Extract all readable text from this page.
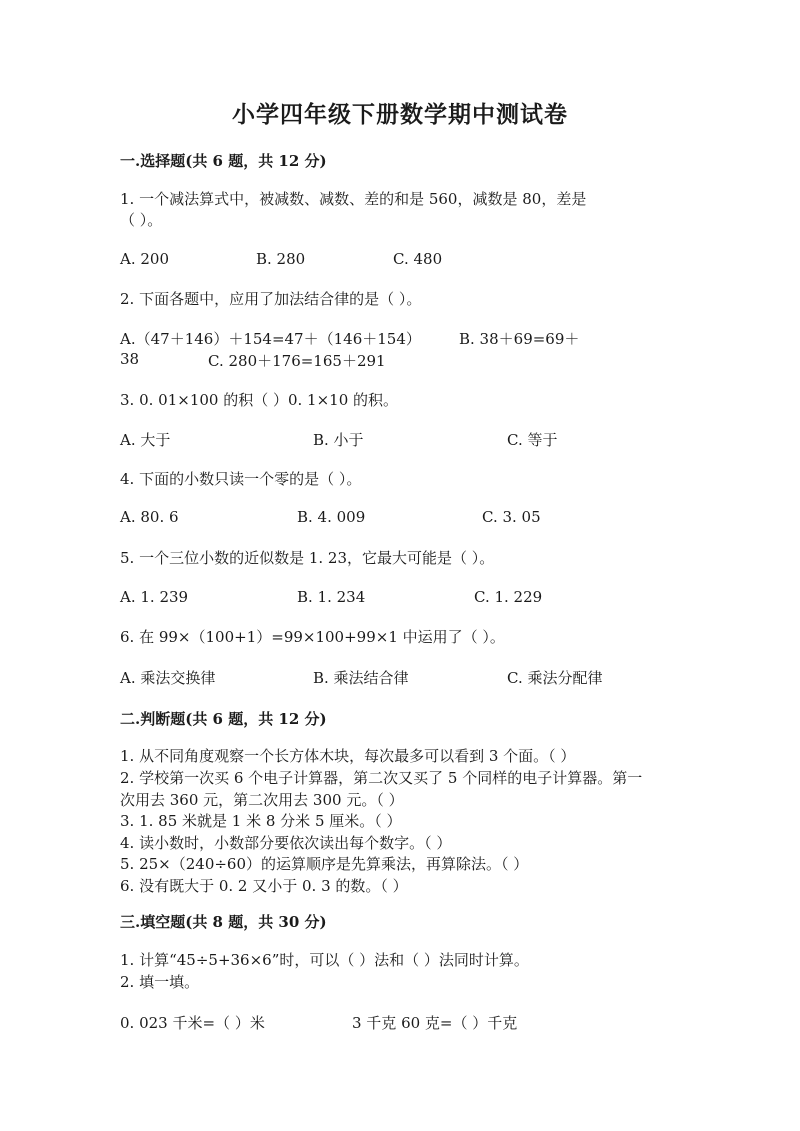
小学四年级下册数学期中测试卷
一.选择题(共 6 题，共 12 分)
1. 一个减法算式中，被减数、减数、差的和是 560，减数是 80，差是
（ ）。
A. 200	B. 280	C. 480
2. 下面各题中，应用了加法结合律的是（ ）。
A.（47＋146）＋154=47＋（146＋154）	B. 38＋69=69＋
38	C. 280＋176=165＋291
3. 0. 01×100 的积（ ）0. 1×10 的积。
A. 大于	B. 小于	C. 等于
4. 下面的小数只读一个零的是（ ）。
A. 80. 6	B. 4. 009	C. 3. 05
5. 一个三位小数的近似数是 1. 23，它最大可能是（ ）。
A. 1. 239	B. 1. 234	C. 1. 229
6. 在 99×（100+1）=99×100+99×1 中运用了（ ）。
A. 乘法交换律	B. 乘法结合律	C. 乘法分配律
二.判断题(共 6 题，共 12 分)
1. 从不同角度观察一个长方体木块，每次最多可以看到 3 个面。（ ）
2. 学校第一次买 6 个电子计算器，第二次又买了 5 个同样的电子计算器。第一
次用去 360 元，第二次用去 300 元。（ ）
3. 1. 85 米就是 1 米 8 分米 5 厘米。（ ）
4. 读小数时，小数部分要依次读出每个数字。（ ）
5. 25×（240÷60）的运算顺序是先算乘法，再算除法。（ ）
6. 没有既大于 0. 2 又小于 0. 3 的数。（ ）
三.填空题(共 8 题，共 30 分)
1. 计算“45÷5+36×6”时，可以（ ）法和（ ）法同时计算。
2. 填一填。
0. 023 千米=（ ）米	3 千克 60 克=（ ）千克
